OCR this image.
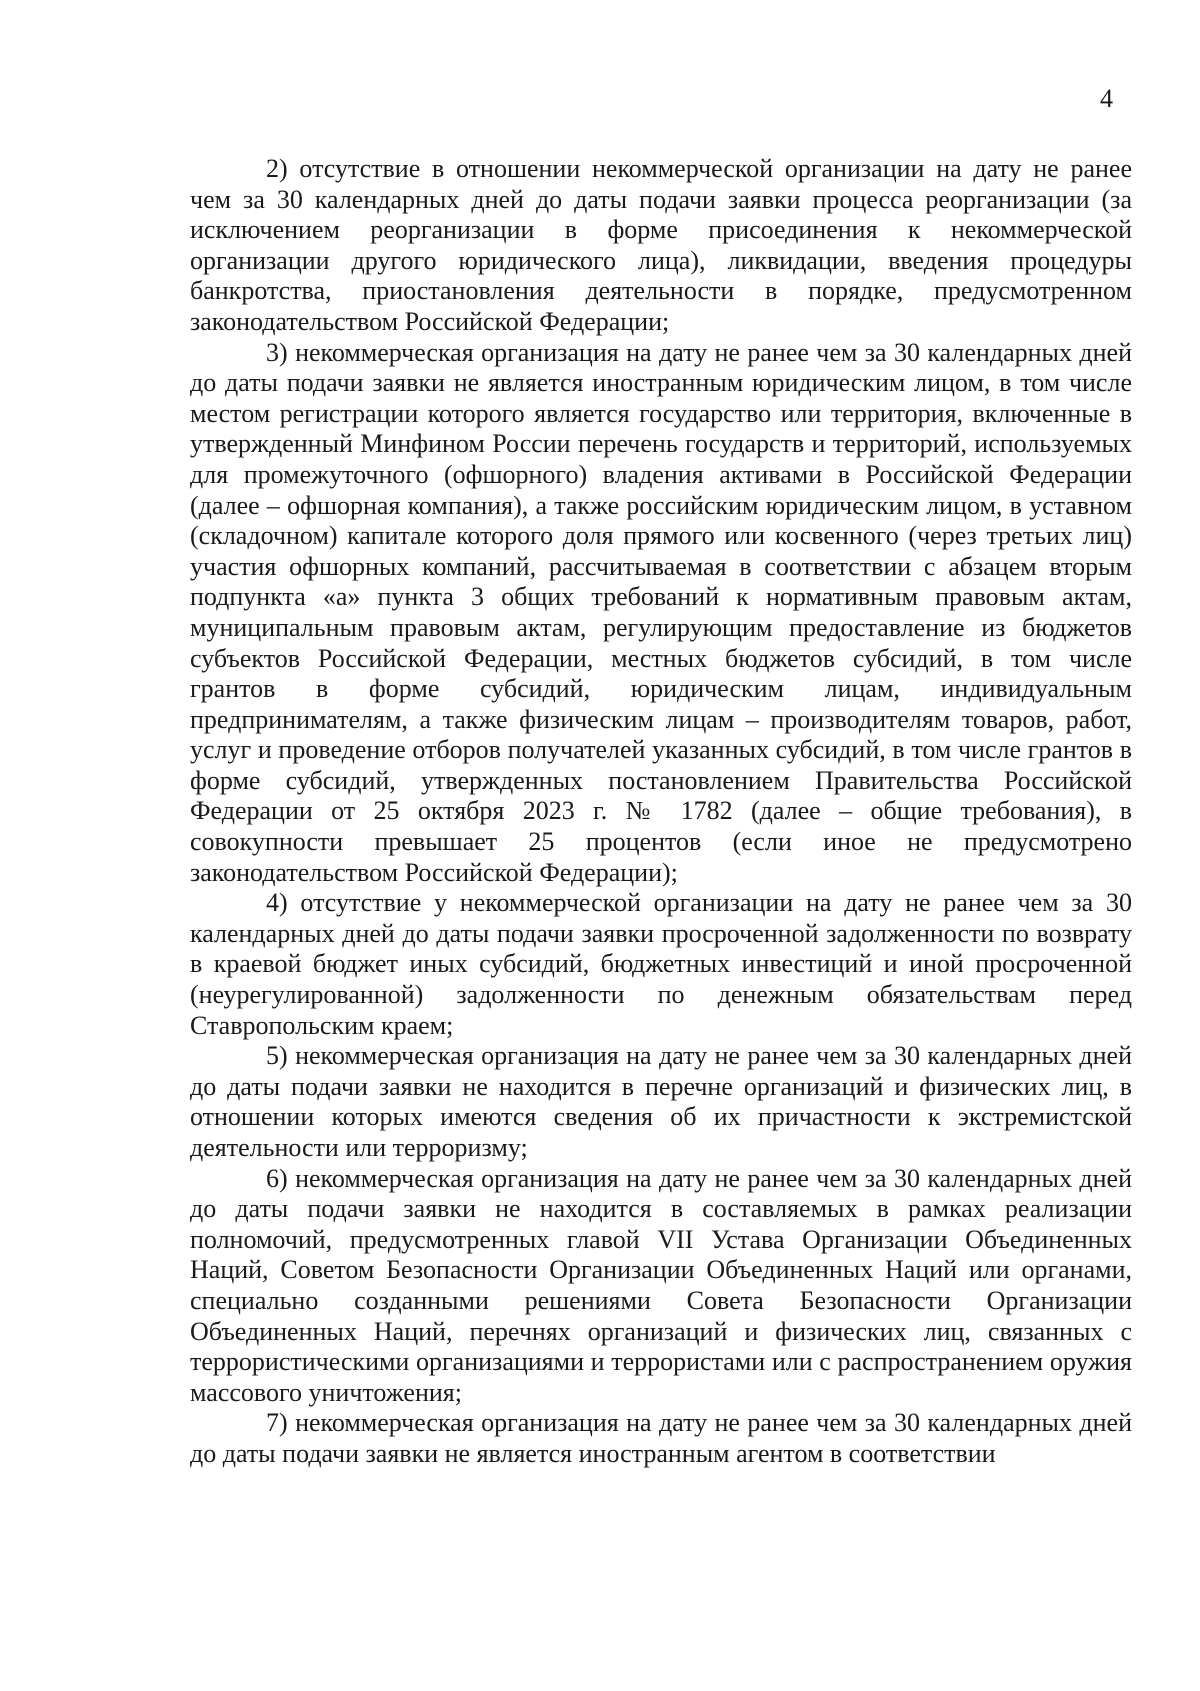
4

2) отсутствие в отношении некоммерческой организации на дату не ранее чем за 30 календарных дней до даты подачи заявки процесса реорганизации (за исключением реорганизации в форме присоединения к некоммерческой организации другого юридического лица), ликвидации, введения процедуры банкротства, приостановления деятельности в порядке, предусмотренном законодательством Российской Федерации;

3) некоммерческая организация на дату не ранее чем за 30 календарных дней до даты подачи заявки не является иностранным юридическим лицом, в том числе местом регистрации которого является государство или территория, включенные в утвержденный Минфином России перечень государств и территорий, используемых для промежуточного (офшорного) владения активами в Российской Федерации (далее – офшорная компания), а также российским юридическим лицом, в уставном (складочном) капитале которого доля прямого или косвенного (через третьих лиц) участия офшорных компаний, рассчитываемая в соответствии с абзацем вторым подпункта «а» пункта 3 общих требований к нормативным правовым актам, муниципальным правовым актам, регулирующим предоставление из бюджетов субъектов Российской Федерации, местных бюджетов субсидий, в том числе грантов в форме субсидий, юридическим лицам, индивидуальным предпринимателям, а также физическим лицам – производителям товаров, работ, услуг и проведение отборов получателей указанных субсидий, в том числе грантов в форме субсидий, утвержденных постановлением Правительства Российской Федерации от 25 октября 2023 г. № 1782 (далее – общие требования), в совокупности превышает 25 процентов (если иное не предусмотрено законодательством Российской Федерации);

4) отсутствие у некоммерческой организации на дату не ранее чем за 30 календарных дней до даты подачи заявки просроченной задолженности по возврату в краевой бюджет иных субсидий, бюджетных инвестиций и иной просроченной (неурегулированной) задолженности по денежным обязательствам перед Ставропольским краем;

5) некоммерческая организация на дату не ранее чем за 30 календарных дней до даты подачи заявки не находится в перечне организаций и физических лиц, в отношении которых имеются сведения об их причастности к экстремистской деятельности или терроризму;

6) некоммерческая организация на дату не ранее чем за 30 календарных дней до даты подачи заявки не находится в составляемых в рамках реализации полномочий, предусмотренных главой VII Устава Организации Объединенных Наций, Советом Безопасности Организации Объединенных Наций или органами, специально созданными решениями Совета Безопасности Организации Объединенных Наций, перечнях организаций и физических лиц, связанных с террористическими организациями и террористами или с распространением оружия массового уничтожения;

7) некоммерческая организация на дату не ранее чем за 30 календарных дней до даты подачи заявки не является иностранным агентом в соответствии
